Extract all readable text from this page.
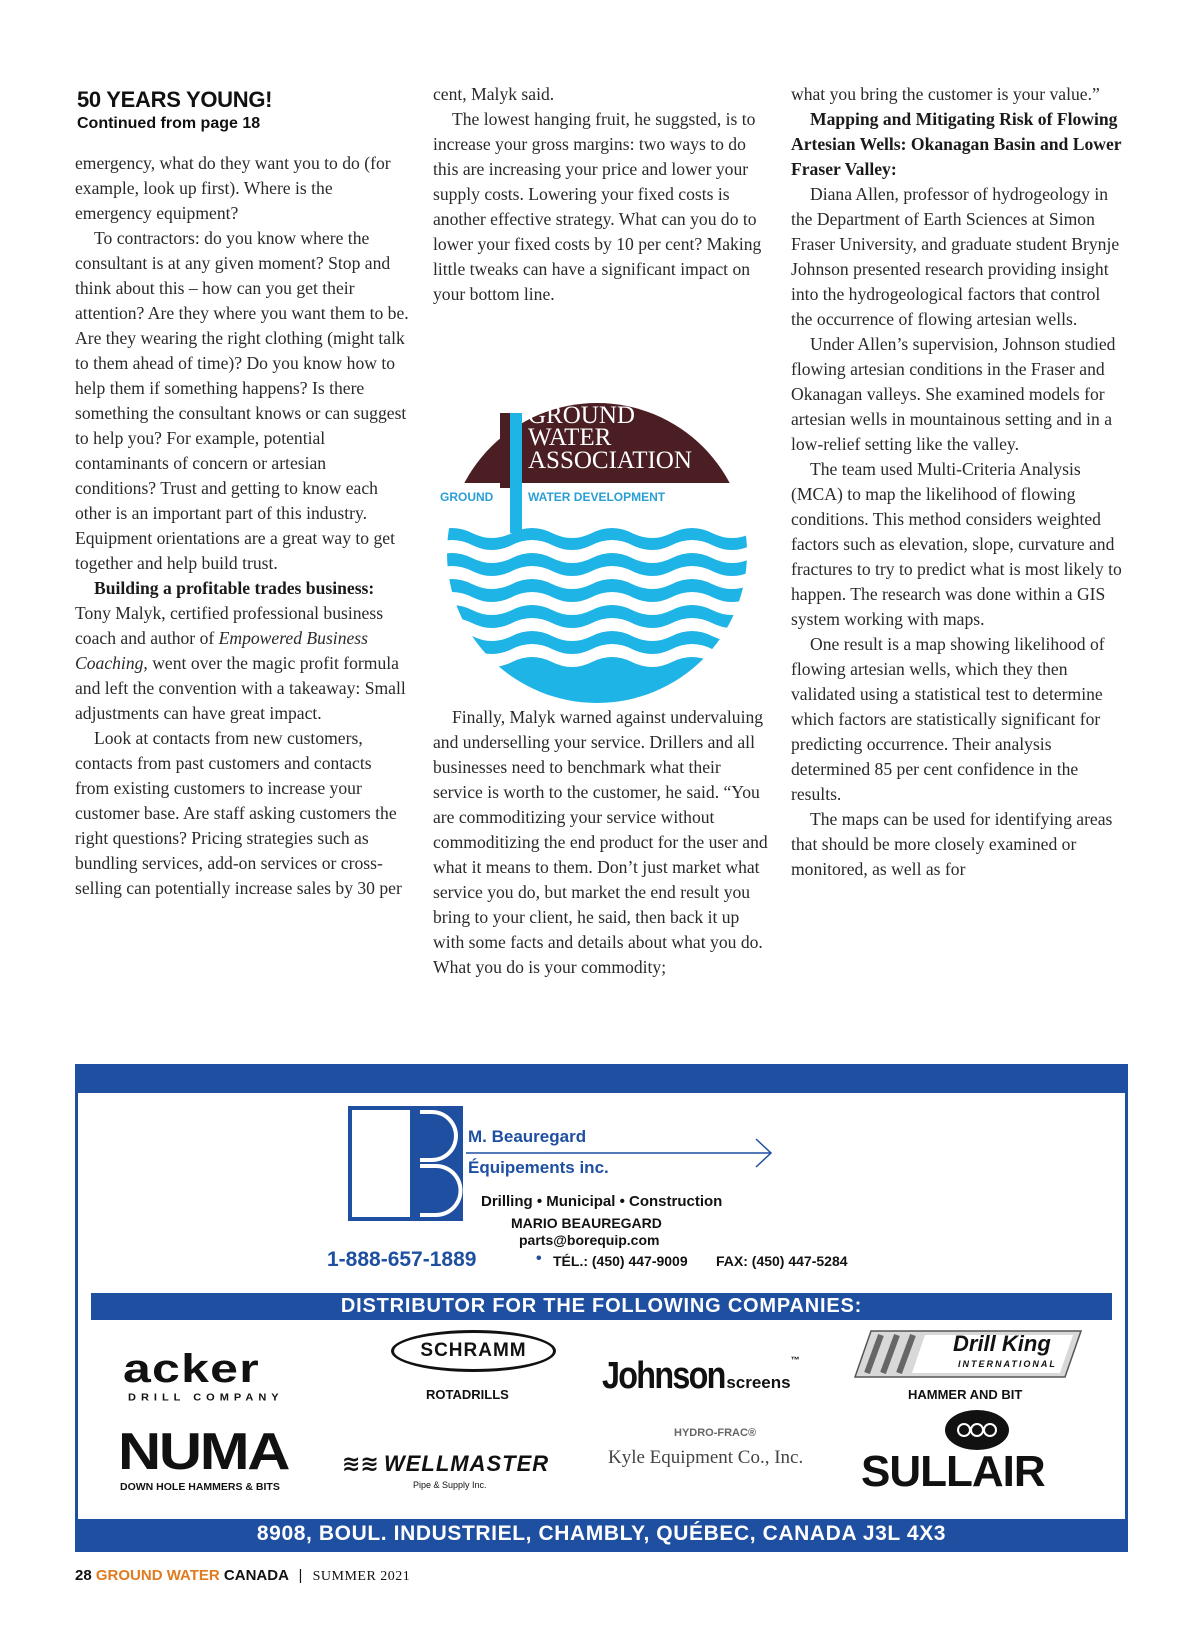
50 YEARS YOUNG!
Continued from page 18

emergency, what do they want you to do (for example, look up first). Where is the emergency equipment?

To contractors: do you know where the consultant is at any given moment? Stop and think about this – how can you get their attention? Are they where you want them to be. Are they wearing the right clothing (might talk to them ahead of time)? Do you know how to help them if something happens? Is there something the consultant knows or can suggest to help you? For example, potential contaminants of concern or artesian conditions? Trust and getting to know each other is an important part of this industry. Equipment orientations are a great way to get together and help build trust.

Building a profitable trades business: Tony Malyk, certified professional business coach and author of Empowered Business Coaching, went over the magic profit formula and left the convention with a takeaway: Small adjustments can have great impact.

Look at contacts from new customers, contacts from past customers and contacts from existing customers to increase your customer base. Are staff asking customers the right questions? Pricing strategies such as bundling services, add-on services or cross-selling can potentially increase sales by 30 per

cent, Malyk said.

The lowest hanging fruit, he suggsted, is to increase your gross margins: two ways to do this are increasing your price and lower your supply costs. Lowering your fixed costs is another effective strategy. What can you do to lower your fixed costs by 10 per cent? Making little tweaks can have a significant impact on your bottom line.

Finally, Malyk warned against undervaluing and underselling your service. Drillers and all businesses need to benchmark what their service is worth to the customer, he said. “You are commoditizing your service without commoditizing the end product for the user and what it means to them. Don’t just market what service you do, but market the end result you bring to your client, he said, then back it up with some facts and details about what you do. What you do is your commodity;

The
BRITISH COLUMBIA
GROUND
WATER
ASSOCIATION
GROUND	WATER DEVELOPMENT

what you bring the customer is your value.”

Mapping and Mitigating Risk of Flowing Artesian Wells: Okanagan Basin and Lower Fraser Valley:

Diana Allen, professor of hydrogeology in the Department of Earth Sciences at Simon Fraser University, and graduate student Brynje Johnson presented research providing insight into the hydrogeological factors that control the occurrence of flowing artesian wells.

Under Allen’s supervision, Johnson studied flowing artesian conditions in the Fraser and Okanagan valleys. She examined models for artesian wells in mountainous setting and in a low-relief setting like the valley.

The team used Multi-Criteria Analysis (MCA) to map the likelihood of flowing conditions. This method considers weighted factors such as elevation, slope, curvature and fractures to try to predict what is most likely to happen. The research was done within a GIS system working with maps.

One result is a map showing likelihood of flowing artesian wells, which they then validated using a statistical test to determine which factors are statistically significant for predicting occurrence. Their analysis determined 85 per cent confidence in the results.

The maps can be used for identifying areas that should be more closely examined or monitored, as well as for

M. Beauregard
Équipements inc.
Drilling • Municipal • Construction
MARIO BEAUREGARD
parts@borequip.com
1-888-657-1889	• TÉL.: (450) 447-9009 FAX: (450) 447-5284
DISTRIBUTOR FOR THE FOLLOWING COMPANIES:
acker
DRILL COMPANY
SCHRAMM
ROTADRILLS Johnsonscreens™
Drill King
INTERNATIONAL
HAMMER AND BIT
NUMA
DOWN HOLE HAMMERS & BITS
≋≋ WELLMASTER
Pipe & Supply Inc.
HYDRO-FRAC®
Kyle Equipment Co., Inc. SULLAIR
8908, BOUL. INDUSTRIEL, CHAMBLY, QUÉBEC, CANADA J3L 4X3
28 GROUND WATER CANADA | SUMMER 2021
